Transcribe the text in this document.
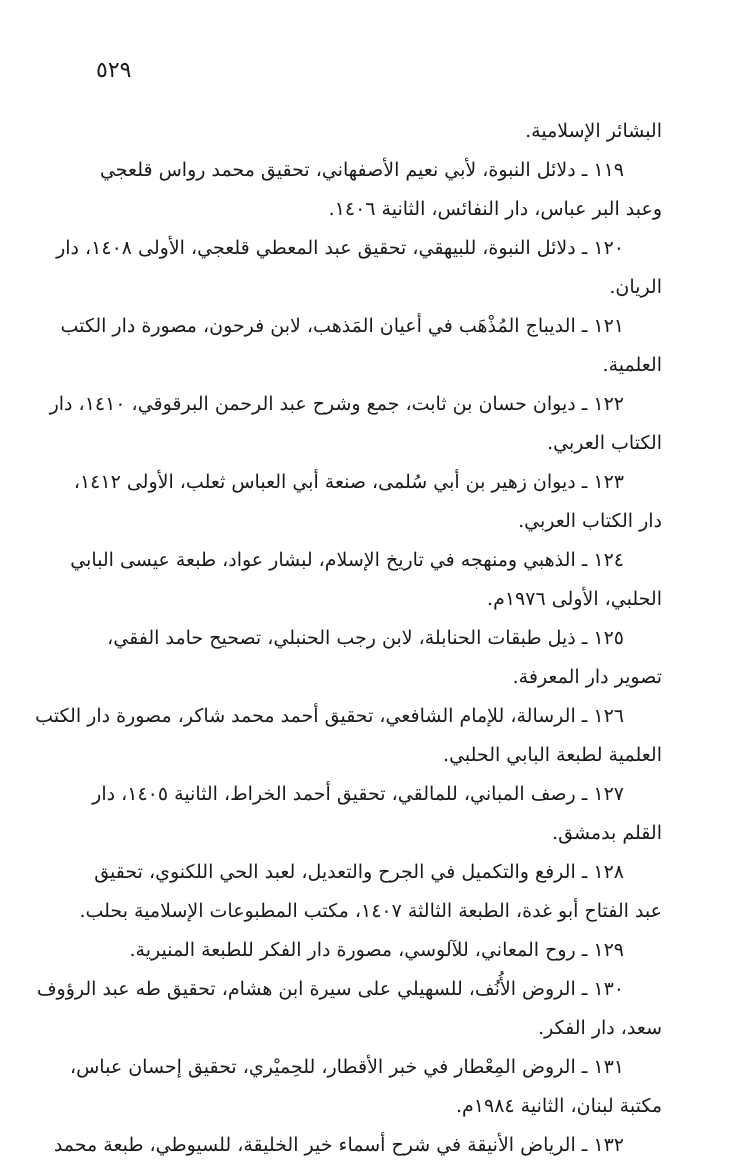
٥٢٩
البشائر الإسلامية.
١١٩ ـ دلائل النبوة، لأبي نعيم الأصفهاني، تحقيق محمد رواس قلعجي
وعبد البر عباس، دار النفائس، الثانية ١٤٠٦.
١٢٠ ـ دلائل النبوة، للبيهقي، تحقيق عبد المعطي قلعجي، الأولى ١٤٠٨، دار
الريان.
١٢١ ـ الديباج المُذْهَب في أعيان المَذهب، لابن فرحون، مصورة دار الكتب
العلمية.
١٢٢ ـ ديوان حسان بن ثابت، جمع وشرح عبد الرحمن البرقوقي، ١٤١٠، دار
الكتاب العربي.
١٢٣ ـ ديوان زهير بن أبي سُلمى، صنعة أبي العباس ثعلب، الأولى ١٤١٢،
دار الكتاب العربي.
١٢٤ ـ الذهبي ومنهجه في تاريخ الإسلام، لبشار عواد، طبعة عيسى البابي
الحلبي، الأولى ١٩٧٦م.
١٢٥ ـ ذيل طبقات الحنابلة، لابن رجب الحنبلي، تصحيح حامد الفقي،
تصوير دار المعرفة.
١٢٦ ـ الرسالة، للإمام الشافعي، تحقيق أحمد محمد شاكر، مصورة دار الكتب
العلمية لطبعة البابي الحلبي.
١٢٧ ـ رصف المباني، للمالقي، تحقيق أحمد الخراط، الثانية ١٤٠٥، دار
القلم بدمشق.
١٢٨ ـ الرفع والتكميل في الجرح والتعديل، لعبد الحي اللكنوي، تحقيق
عبد الفتاح أبو غدة، الطبعة الثالثة ١٤٠٧، مكتب المطبوعات الإسلامية بحلب.
١٢٩ ـ روح المعاني، للآلوسي، مصورة دار الفكر للطبعة المنيرية.
١٣٠ ـ الروض الأُنُف، للسهيلي على سيرة ابن هشام، تحقيق طه عبد الرؤوف
سعد، دار الفكر.
١٣١ ـ الروض المِعْطار في خبر الأقطار، للحِميْري، تحقيق إحسان عباس،
مكتبة لبنان، الثانية ١٩٨٤م.
١٣٢ ـ الرياض الأنيقة في شرح أسماء خير الخليقة، للسيوطي، طبعة محمد
